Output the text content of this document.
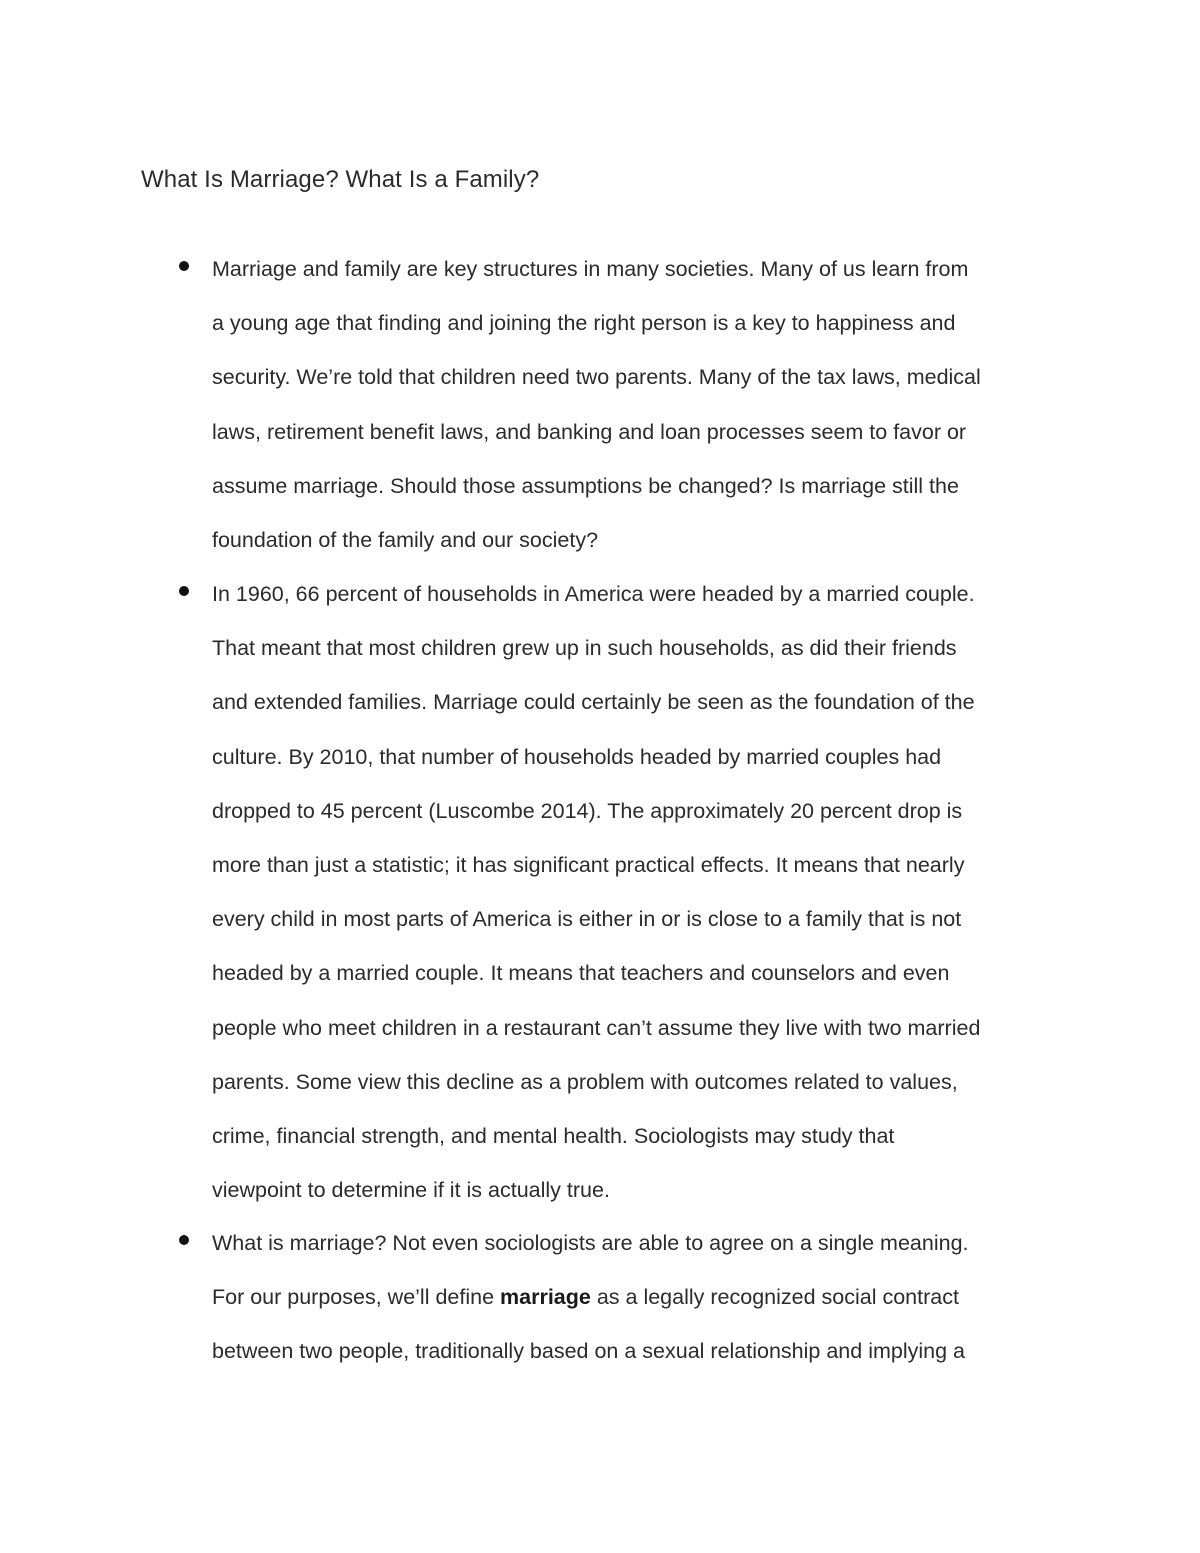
What Is Marriage? What Is a Family?

Marriage and family are key structures in many societies. Many of us learn from
a young age that finding and joining the right person is a key to happiness and
security. We’re told that children need two parents. Many of the tax laws, medical
laws, retirement benefit laws, and banking and loan processes seem to favor or
assume marriage. Should those assumptions be changed? Is marriage still the
foundation of the family and our society?

In 1960, 66 percent of households in America were headed by a married couple.
That meant that most children grew up in such households, as did their friends
and extended families. Marriage could certainly be seen as the foundation of the
culture. By 2010, that number of households headed by married couples had
dropped to 45 percent (Luscombe 2014). The approximately 20 percent drop is
more than just a statistic; it has significant practical effects. It means that nearly
every child in most parts of America is either in or is close to a family that is not
headed by a married couple. It means that teachers and counselors and even
people who meet children in a restaurant can’t assume they live with two married
parents. Some view this decline as a problem with outcomes related to values,
crime, financial strength, and mental health. Sociologists may study that
viewpoint to determine if it is actually true.

What is marriage? Not even sociologists are able to agree on a single meaning.
For our purposes, we’ll define marriage as a legally recognized social contract
between two people, traditionally based on a sexual relationship and implying a
